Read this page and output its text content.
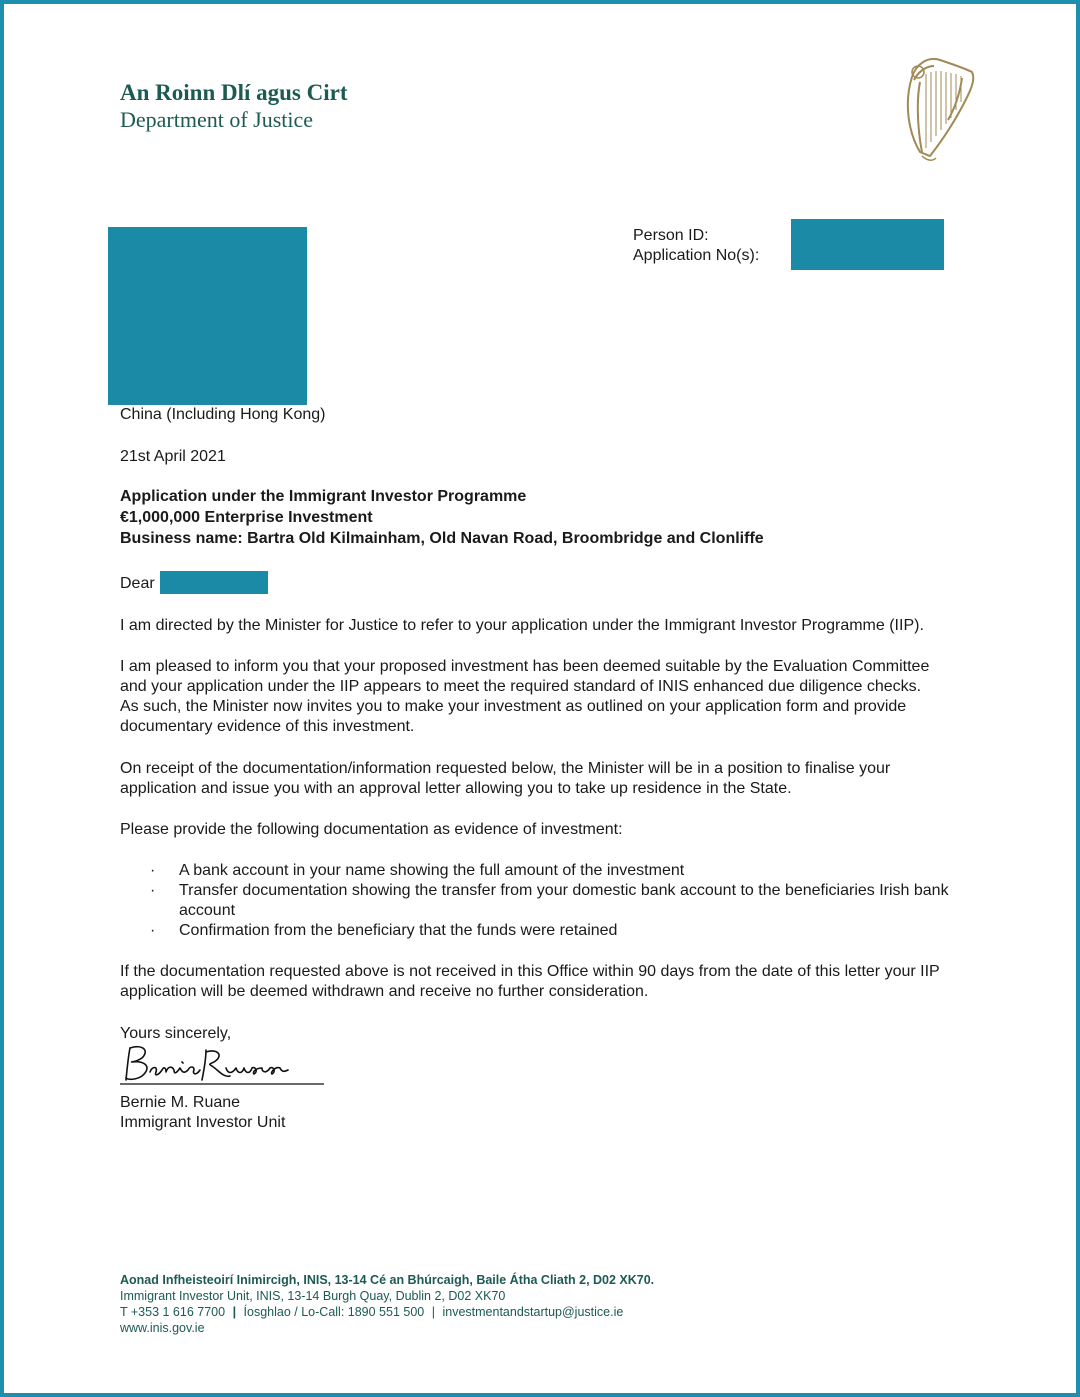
An Roinn Dlí agus Cirt
Department of Justice
Person ID:
Application No(s):
China (Including Hong Kong)
21st April 2021
Application under the Immigrant Investor Programme
€1,000,000 Enterprise Investment
Business name: Bartra Old Kilmainham, Old Navan Road, Broombridge and Clonliffe
Dear
I am directed by the Minister for Justice to refer to your application under the Immigrant Investor Programme (IIP).
I am pleased to inform you that your proposed investment has been deemed suitable by the Evaluation Committee
and your application under the IIP appears to meet the required standard of INIS enhanced due diligence checks.
As such, the Minister now invites you to make your investment as outlined on your application form and provide
documentary evidence of this investment.
On receipt of the documentation/information requested below, the Minister will be in a position to finalise your
application and issue you with an approval letter allowing you to take up residence in the State.
Please provide the following documentation as evidence of investment:
·	A bank account in your name showing the full amount of the investment
·	Transfer documentation showing the transfer from your domestic bank account to the beneficiaries Irish bank account
·	Confirmation from the beneficiary that the funds were retained
If the documentation requested above is not received in this Office within 90 days from the date of this letter your IIP
application will be deemed withdrawn and receive no further consideration.
Yours sincerely,
Bernie M. Ruane
Immigrant Investor Unit
Aonad Infheisteoirí Inimircigh, INIS, 13-14 Cé an Bhúrcaigh, Baile Átha Cliath 2, D02 XK70.
Immigrant Investor Unit, INIS, 13-14 Burgh Quay, Dublin 2, D02 XK70
T +353 1 616 7700 | Íosghlao / Lo-Call: 1890 551 500 | investmentandstartup@justice.ie
www.inis.gov.ie
